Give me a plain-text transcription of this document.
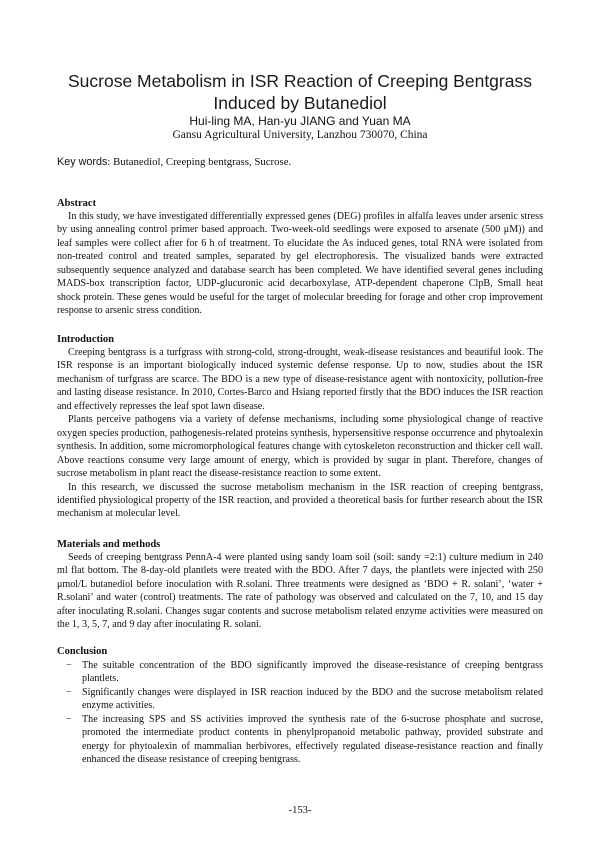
Sucrose Metabolism in ISR Reaction of Creeping Bentgrass
Induced by Butanediol
Hui-ling MA, Han-yu JIANG and Yuan MA
Gansu Agricultural University, Lanzhou 730070, China
Key words: Butanediol, Creeping bentgrass, Sucrose.
Abstract

In this study, we have investigated differentially expressed genes (DEG) profiles in alfalfa leaves under arsenic stress by using annealing control primer based approach. Two-week-old seedlings were exposed to arsenate (500 μM)) and leaf samples were collect after for 6 h of treatment. To elucidate the As induced genes, total RNA were isolated from non-treated control and treated samples, separated by gel electrophoresis. The visualized bands were extracted subsequently sequence analyzed and database search has been completed. We have identified several genes including MADS-box transcription factor, UDP-glucuronic acid decarboxylase, ATP-dependent chaperone ClpB, Small heat shock protein. These genes would be useful for the target of molecular breeding for forage and other crop improvement response to arsenic stress condition.

Introduction

Creeping bentgrass is a turfgrass with strong-cold, strong-drought, weak-disease resistances and beautiful look. The ISR response is an important biologically induced systemic defense response. Up to now, studies about the ISR mechanism of turfgrass are scarce. The BDO is a new type of disease-resistance agent with nontoxicity, pollution-free and lasting disease resistance. In 2010, Cortes-Barco and Hsiang reported firstly that the BDO induces the ISR reaction and effectively represses the leaf spot lawn disease.

Plants perceive pathogens via a variety of defense mechanisms, including some physiological change of reactive oxygen species production, pathogenesis-related proteins synthesis, hypersensitive response occurrence and phytoalexin synthesis. In addition, some micromorphological features change with cytoskeleton reconstruction and thicker cell wall. Above reactions consume very large amount of energy, which is provided by sugar in plant. Therefore, changes of sucrose metabolism in plant react the disease-resistance reaction to some extent.

In this research, we discussed the sucrose metabolism mechanism in the ISR reaction of creeping bentgrass, identified physiological property of the ISR reaction, and provided a theoretical basis for further research about the ISR mechanism at molecular level.

Materials and methods

Seeds of creeping bentgrass PennA-4 were planted using sandy loam soil (soil: sandy =2:1) culture medium in 240 ml flat bottom. The 8-day-old plantlets were treated with the BDO. After 7 days, the plantlets were injected with 250 μmol/L butanediol before inoculation with R.solani. Three treatments were designed as ‘BDO + R. solani’, ‘water + R.solani’ and water (control) treatments. The rate of pathology was observed and calculated on the 7, 10, and 15 day after inoculating R.solani. Changes sugar contents and sucrose metabolism related enzyme activities were measured on the 1, 3, 5, 7, and 9 day after inoculating R. solani.

Conclusion
− The suitable concentration of the BDO significantly improved the disease-resistance of creeping bentgrass plantlets.
− Significantly changes were displayed in ISR reaction induced by the BDO and the sucrose metabolism related enzyme activities.
− The increasing SPS and SS activities improved the synthesis rate of the 6-sucrose phosphate and sucrose, promoted the intermediate product contents in phenylpropanoid metabolic pathway, provided substrate and energy for phytoalexin of mammalian herbivores, effectively regulated disease-resistance reaction and finally enhanced the disease resistance of creeping bentgrass.
-153-
